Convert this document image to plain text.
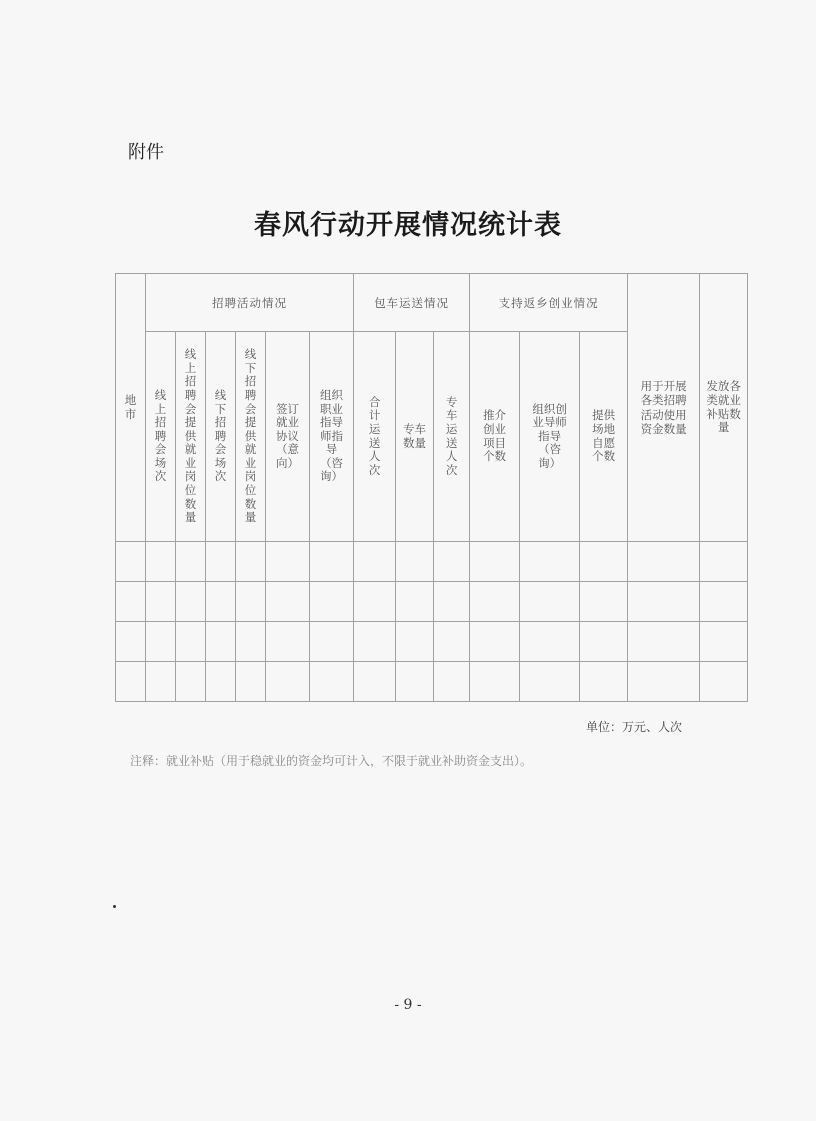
附件
春风行动开展情况统计表
地市	招聘活动情况						包车运送情况			支持返乡创业情况			用于开展各类招聘活动使用资金数量	发放各类就业补贴数量
	线上招聘会场次	线上招聘会提供就业岗位数量	线下招聘会场次	线下招聘会提供就业岗位数量	签订就业协议（意向）	组织职业指导师指导（咨询）	合计运送人次	专车数量	专车运送人次	推介创业项目个数	组织创业导师指导（咨询）	提供场地自愿个数		

单位：万元、人次
注释：就业补贴（用于稳就业的资金均可计入，不限于就业补助资金支出）。
- 9 -
